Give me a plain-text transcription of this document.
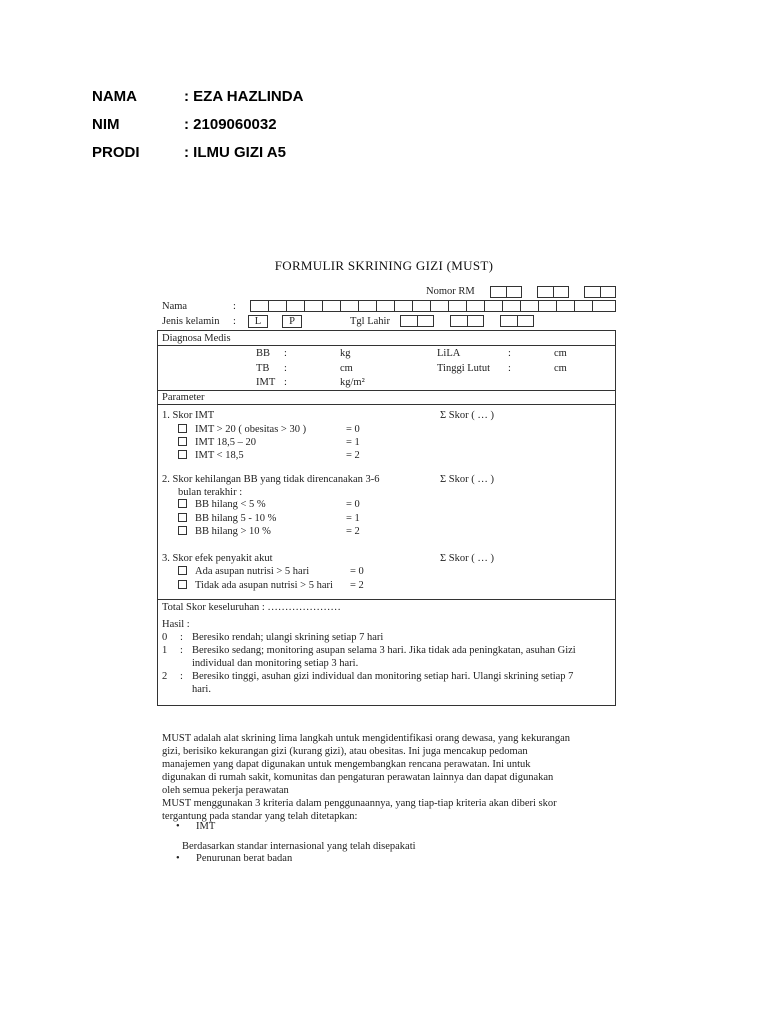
NAMA	: EZA HAZLINDA
NIM	: 2109060032
PRODI	: ILMU GIZI A5
FORMULIR SKRINING GIZI (MUST)
Nomor RM
Nama	:
Jenis kelamin :	L	P	Tgl Lahir
Diagnosa Medis
BB :	kg
TB :	cm
IMT :	kg/m²
LiLA	:	cm
Tinggi Lutut :	cm
Parameter
1. Skor IMT	Σ Skor ( … )
IMT > 20 ( obesitas > 30 )	= 0
IMT 18,5 – 20	= 1
IMT < 18,5	= 2
2. Skor kehilangan BB yang tidak direncanakan 3-6
bulan terakhir :
Σ Skor ( … )
BB hilang < 5 %	= 0
BB hilang 5 - 10 %	= 1
BB hilang > 10 %	= 2
3. Skor efek penyakit akut	Σ Skor ( … )
Ada asupan nutrisi > 5 hari	= 0
Tidak ada asupan nutrisi > 5 hari = 2
Total Skor keseluruhan : …………………
Hasil :
0 : Beresiko rendah; ulangi skrining setiap 7 hari
1 : Beresiko sedang; monitoring asupan selama 3 hari. Jika tidak ada peningkatan, asuhan Gizi
individual dan monitoring setiap 3 hari.
2 : Beresiko tinggi, asuhan gizi individual dan monitoring setiap hari. Ulangi skrining setiap 7
hari.
MUST adalah alat skrining lima langkah untuk mengidentifikasi orang dewasa, yang kekurangan
gizi, berisiko kekurangan gizi (kurang gizi), atau obesitas. Ini juga mencakup pedoman
manajemen yang dapat digunakan untuk mengembangkan rencana perawatan. Ini untuk
digunakan di rumah sakit, komunitas dan pengaturan perawatan lainnya dan dapat digunakan
oleh semua pekerja perawatan
MUST menggunakan 3 kriteria dalam penggunaannya, yang tiap-tiap kriteria akan diberi skor
tergantung pada standar yang telah ditetapkan:
• IMT
Berdasarkan standar internasional yang telah disepakati
• Penurunan berat badan
